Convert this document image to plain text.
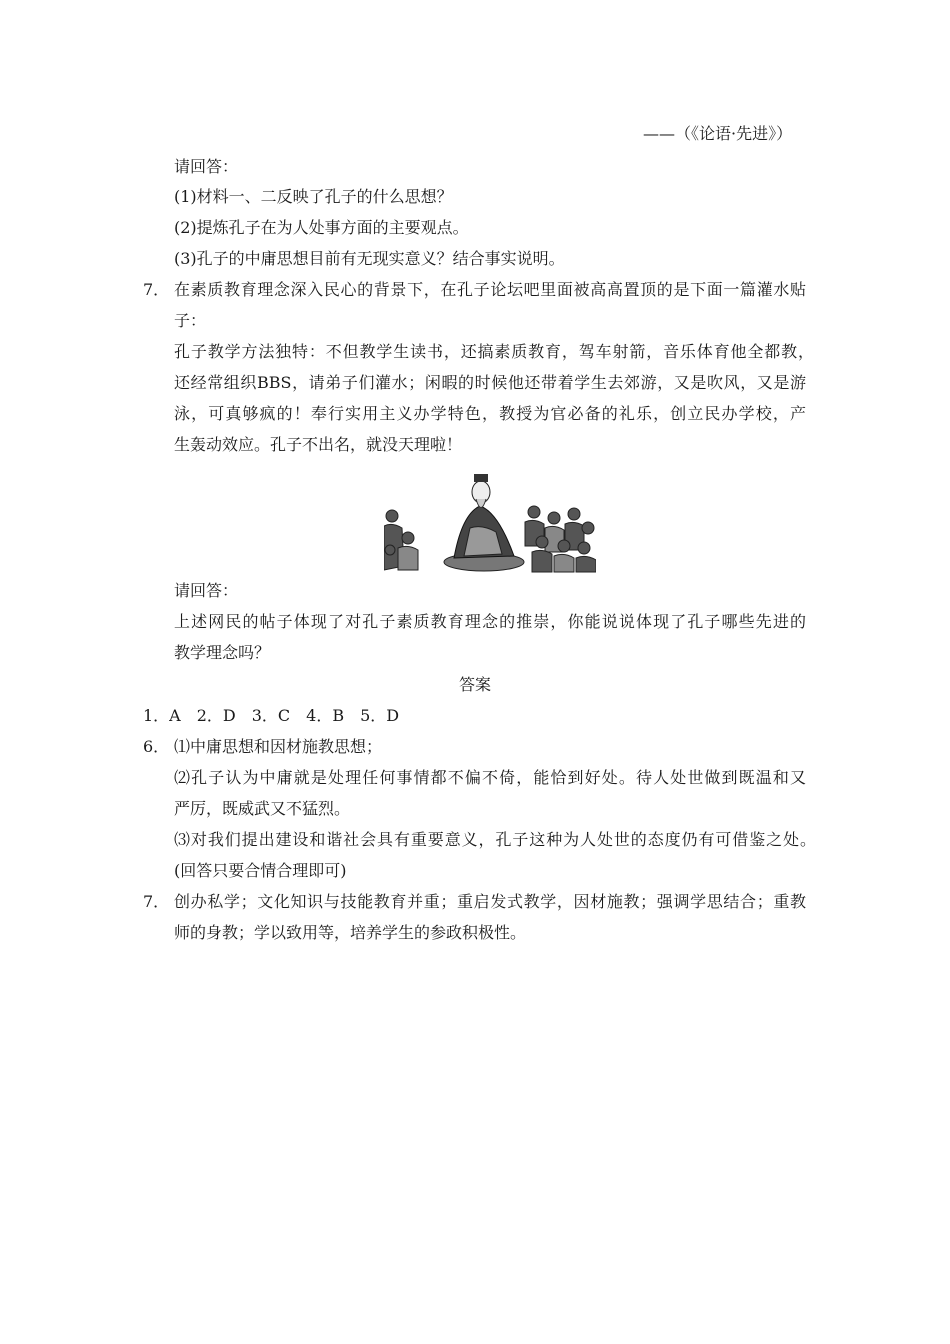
——（《论语·先进》）
请回答：
(1)材料一、二反映了孔子的什么思想？
(2)提炼孔子在为人处事方面的主要观点。
(3)孔子的中庸思想目前有无现实意义？结合事实说明。
7． 在素质教育理念深入民心的背景下，在孔子论坛吧里面被高高置顶的是下面一篇灌水贴
子：
孔子教学方法独特：不但教学生读书，还搞素质教育，驾车射箭，音乐体育他全都教，
还经常组织BBS，请弟子们灌水；闲暇的时候他还带着学生去郊游，又是吹风，又是游
泳，可真够疯的！奉行实用主义办学特色，教授为官必备的礼乐，创立民办学校，产
生轰动效应。孔子不出名，就没天理啦！
请回答：
上述网民的帖子体现了对孔子素质教育理念的推崇，你能说说体现了孔子哪些先进的
教学理念吗？
答案
1．A　2．D　3．C　4．B　5．D
6． ⑴中庸思想和因材施教思想；
⑵孔子认为中庸就是处理任何事情都不偏不倚，能恰到好处。待人处世做到既温和又
严厉，既威武又不猛烈。
⑶对我们提出建设和谐社会具有重要意义，孔子这种为人处世的态度仍有可借鉴之处。
(回答只要合情合理即可)
7． 创办私学；文化知识与技能教育并重；重启发式教学，因材施教；强调学思结合；重教
师的身教；学以致用等，培养学生的参政积极性。
